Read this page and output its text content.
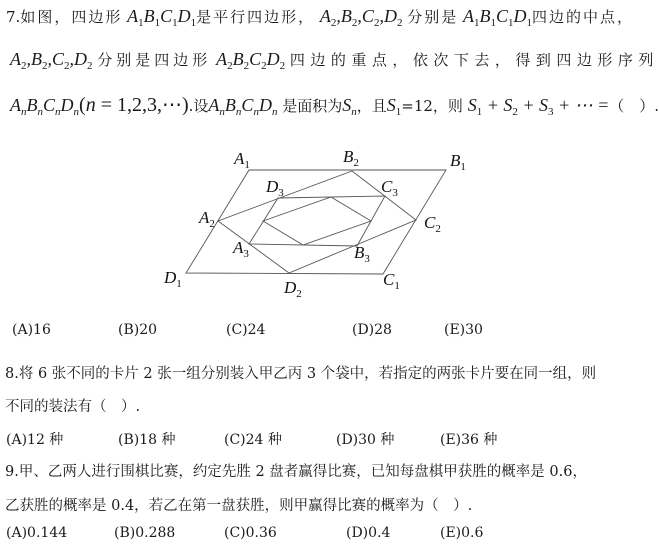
7.如图，四边形 $A_1B_1C_1D_1$是平行四边形， $A_2,B_2,C_2,D_2$ 分别是 $A_1B_1C_1D_1$四边的中点，
$A_2,B_2,C_2,D_2$ 分别是四边形 $A_2B_2C_2D_2$ 四边的重点，依次下去，得到四边形序列
$A_nB_nC_nD_n(n$ = 1,2,3,⋯).设$A_nB_nC_nD_n$ 是面积为$S_n$，且$S_1=12$，则 $S_1 + S_2 + S_3$ + ⋯ =（　）.
$A_1$	$B_2$	$B_1$
$D_3$	$C_3$
$A_2$	$C_2$
$A_3$	$B_3$
$D_1$	$D_2$
$C_1$
(A)16	(B)20	(C)24	(D)28	(E)30
8.将 6 张不同的卡片 2 张一组分别装入甲乙丙 3 个袋中，若指定的两张卡片要在同一组，则
不同的装法有（　）.
(A)12 种	(B)18 种	(C)24 种	(D)30 种	(E)36 种
9.甲、乙两人进行围棋比赛，约定先胜 2 盘者赢得比赛，已知每盘棋甲获胜的概率是 0.6，
乙获胜的概率是 0.4，若乙在第一盘获胜，则甲赢得比赛的概率为（　）.
(A)0.144	(B)0.288	(C)0.36	(D)0.4	(E)0.6
